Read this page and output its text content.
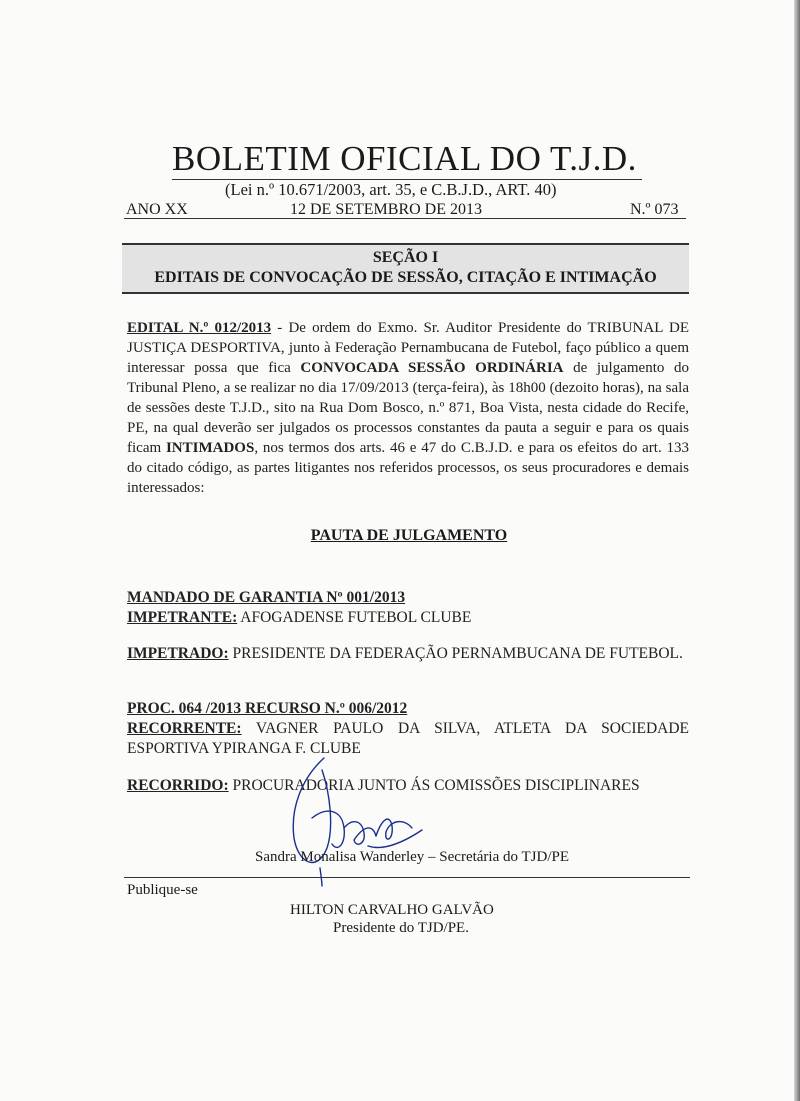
BOLETIM OFICIAL DO T.J.D.
(Lei n.º 10.671/2003, art. 35, e C.B.J.D., ART. 40)
ANO XX	12 DE SETEMBRO DE 2013	N.º 073
SEÇÃO I
EDITAIS DE CONVOCAÇÃO DE SESSÃO, CITAÇÃO E INTIMAÇÃO
EDITAL N.º 012/2013 - De ordem do Exmo. Sr. Auditor Presidente do TRIBUNAL DE JUSTIÇA DESPORTIVA, junto à Federação Pernambucana de Futebol, faço público a quem interessar possa que fica CONVOCADA SESSÃO ORDINÁRIA de julgamento do Tribunal Pleno, a se realizar no dia 17/09/2013 (terça-feira), às 18h00 (dezoito horas), na sala de sessões deste T.J.D., sito na Rua Dom Bosco, n.º 871, Boa Vista, nesta cidade do Recife, PE, na qual deverão ser julgados os processos constantes da pauta a seguir e para os quais ficam INTIMADOS, nos termos dos arts. 46 e 47 do C.B.J.D. e para os efeitos do art. 133 do citado código, as partes litigantes nos referidos processos, os seus procuradores e demais interessados:
PAUTA DE JULGAMENTO
MANDADO DE GARANTIA Nº 001/2013
IMPETRANTE: AFOGADENSE FUTEBOL CLUBE
IMPETRADO: PRESIDENTE DA FEDERAÇÃO PERNAMBUCANA DE FUTEBOL.
PROC. 064 /2013 RECURSO N.º 006/2012
RECORRENTE: VAGNER PAULO DA SILVA, ATLETA DA SOCIEDADE ESPORTIVA YPIRANGA F. CLUBE
RECORRIDO: PROCURADORIA JUNTO ÁS COMISSÕES DISCIPLINARES
Sandra Monalisa Wanderley – Secretária do TJD/PE
Publique-se
HILTON CARVALHO GALVÃO
Presidente do TJD/PE.
